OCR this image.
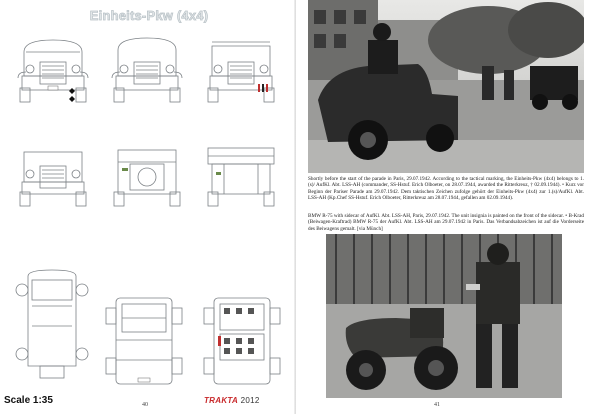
Einheits-Pkw (4x4)
Scale 1:35	TRAKTA 2012
40
Shortly before the start of the parade in Paris, 29.07.1942. According to the tactical marking, the Einheits-Pkw (4x4) belongs to 1.(s)/ AufKl. Abt. LSS-AH (commander, SS-Hstuf. Erich Olboeter, on 28.07.1944, awarded the Ritterkreuz, † 02.09.1944). • Kurz vor Beginn der Pariser Parade am 29.07.1942. Dem taktischen Zeichen zufolge gehört der Einheits-Pkw (4x4) zur 1.(s)/AufKl. Abt. LSS-AH (Kp.Chef SS-Hstuf. Erich Olboeter, Ritterkreuz am 28.07.1944, gefallen am 02.09.1944).
BMW R-75 with sidecar of AufKl. Abt. LSS-AH, Paris, 29.07.1942. The unit insignia is painted on the front of the sidecar. • B-Krad (Beiwagen-Kraftrad) BMW R-75 der AufKl. Abt. LSS-AH am 29.07.1942 in Paris. Das Verbandsabzeichen ist auf die Vorderseite des Beiwagens gemalt. [via Münch]
41
